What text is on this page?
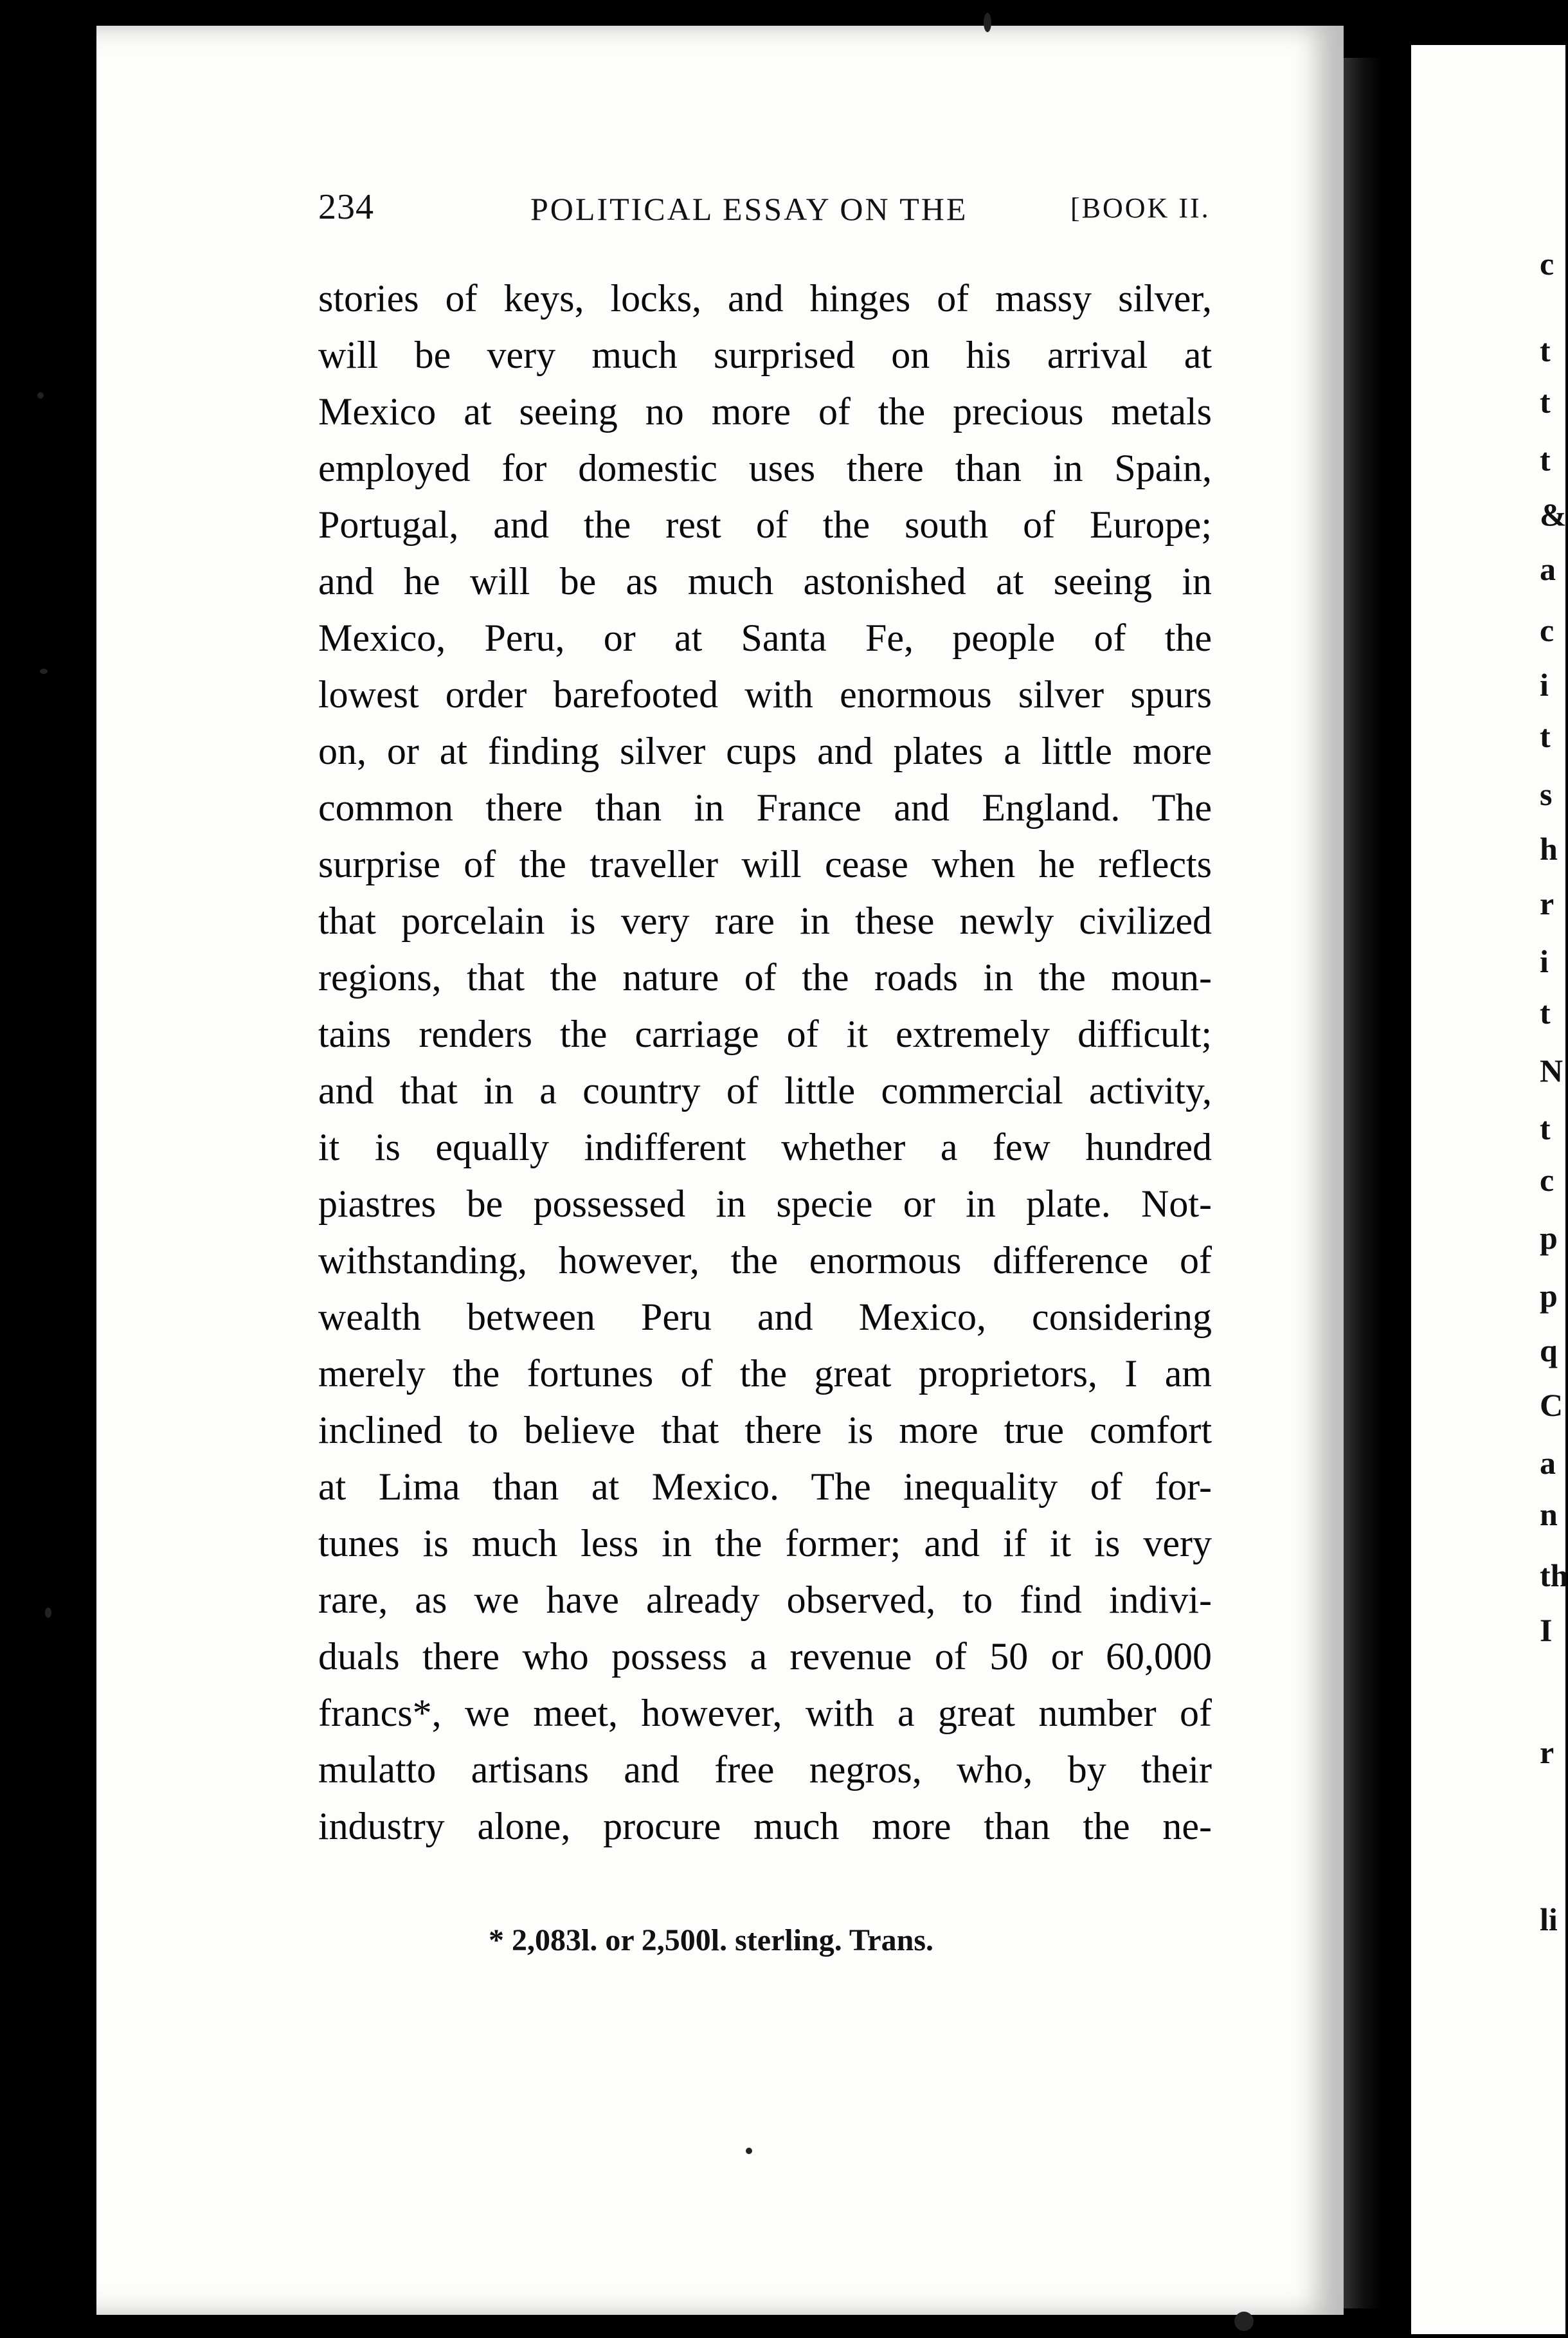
234	POLITICAL ESSAY ON THE	[BOOK II.
stories of keys, locks, and hinges of massy silver,
will be very much surprised on his arrival at
Mexico at seeing no more of the precious metals
employed for domestic uses there than in Spain,
Portugal, and the rest of the south of Europe;
and he will be as much astonished at seeing in
Mexico, Peru, or at Santa Fe, people of the
lowest order barefooted with enormous silver spurs
on, or at finding silver cups and plates a little more
common there than in France and England. The
surprise of the traveller will cease when he reflects
that porcelain is very rare in these newly civilized
regions, that the nature of the roads in the moun-
tains renders the carriage of it extremely difficult;
and that in a country of little commercial activity,
it is equally indifferent whether a few hundred
piastres be possessed in specie or in plate. Not-
withstanding, however, the enormous difference of
wealth between Peru and Mexico, considering
merely the fortunes of the great proprietors, I am
inclined to believe that there is more true comfort
at Lima than at Mexico. The inequality of for-
tunes is much less in the former; and if it is very
rare, as we have already observed, to find indivi-
duals there who possess a revenue of 50 or 60,000
francs*, we meet, however, with a great number of
mulatto artisans and free negros, who, by their
industry alone, procure much more than the ne-
* 2,083l. or 2,500l. sterling. Trans.
c
t
t
t
&
a
c
i
t
s
h
r
i
t
N
t
c
p
p
q
C
a
n
th
I
r
li
